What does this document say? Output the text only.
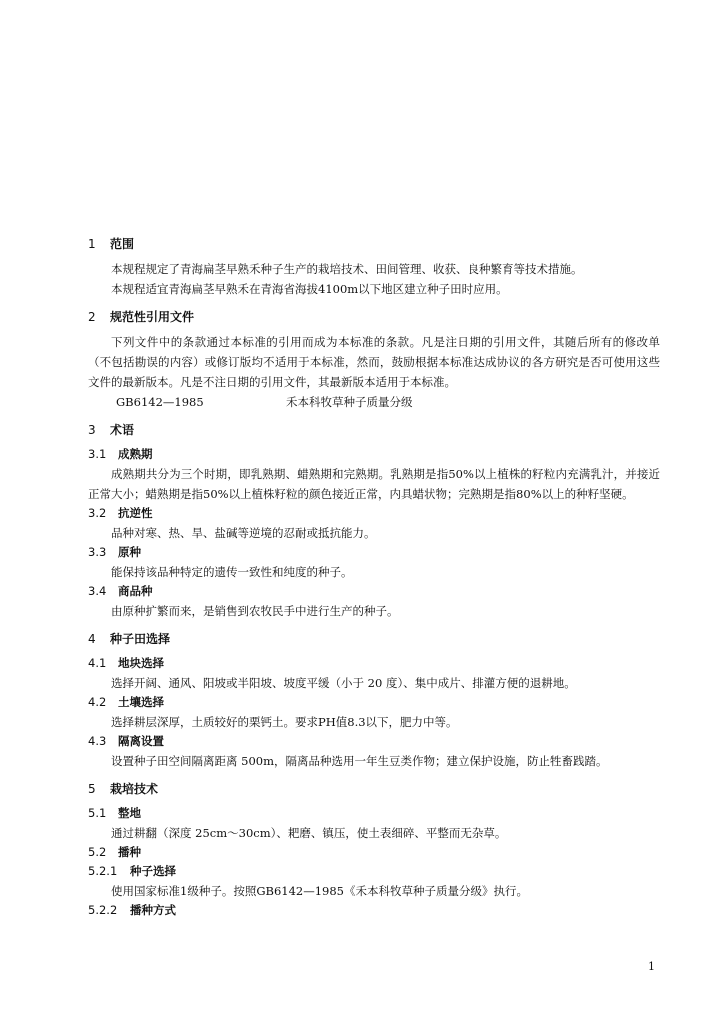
1 范围

本规程规定了青海扁茎早熟禾种子生产的栽培技术、田间管理、收获、良种繁育等技术措施。

本规程适宜青海扁茎早熟禾在青海省海拔4100m以下地区建立种子田时应用。

2 规范性引用文件

下列文件中的条款通过本标准的引用而成为本标准的条款。凡是注日期的引用文件，其随后所有的修改单（不包括勘误的内容）或修订版均不适用于本标准，然而，鼓励根据本标准达成协议的各方研究是否可使用这些文件的最新版本。凡是不注日期的引用文件，其最新版本适用于本标准。

GB6142—1985	禾本科牧草种子质量分级
3 术语
3.1 成熟期

成熟期共分为三个时期，即乳熟期、蜡熟期和完熟期。乳熟期是指50%以上植株的籽粒内充满乳汁，并接近正常大小；蜡熟期是指50%以上植株籽粒的颜色接近正常，内具蜡状物；完熟期是指80%以上的种籽坚硬。

3.2 抗逆性

品种对寒、热、旱、盐碱等逆境的忍耐或抵抗能力。

3.3 原种

能保持该品种特定的遗传一致性和纯度的种子。

3.4 商品种

由原种扩繁而来，是销售到农牧民手中进行生产的种子。

4 种子田选择
4.1 地块选择

选择开阔、通风、阳坡或半阳坡、坡度平缓（小于 20 度）、集中成片、排灌方便的退耕地。

4.2 土壤选择

选择耕层深厚，土质较好的栗钙土。要求PH值8.3以下，肥力中等。

4.3 隔离设置

设置种子田空间隔离距离 500m，隔离品种选用一年生豆类作物；建立保护设施，防止牲畜践踏。

5 栽培技术
5.1 整地

通过耕翻（深度 25cm～30cm）、耙磨、镇压，使土表细碎、平整而无杂草。

5.2 播种
5.2.1 种子选择

使用国家标准1级种子。按照GB6142—1985《禾本科牧草种子质量分级》执行。

5.2.2 播种方式
1
